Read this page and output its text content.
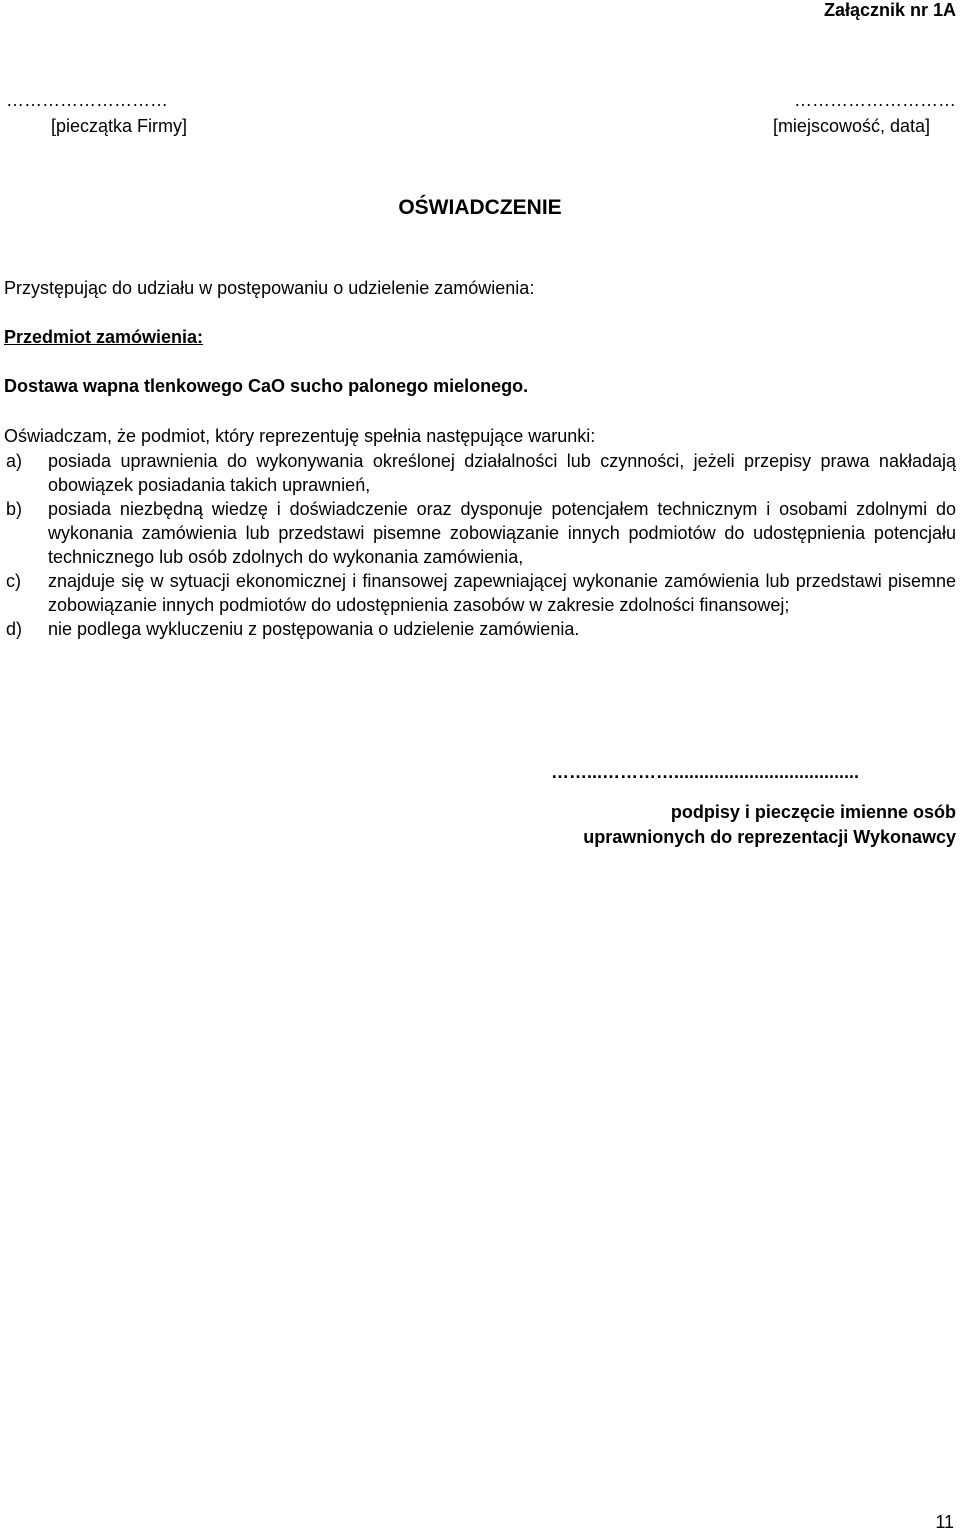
Załącznik nr 1A
………………………
[pieczątka Firmy]
………………………
[miejscowość, data]
OŚWIADCZENIE
Przystępując do udziału w postępowaniu o udzielenie zamówienia:
Przedmiot zamówienia:
Dostawa wapna tlenkowego CaO sucho palonego mielonego.
Oświadczam, że podmiot, który reprezentuję spełnia następujące warunki:
a) posiada uprawnienia do wykonywania określonej działalności lub czynności, jeżeli przepisy prawa nakładają obowiązek posiadania takich uprawnień,
b) posiada niezbędną wiedzę i doświadczenie oraz dysponuje potencjałem technicznym i osobami zdolnymi do wykonania zamówienia lub przedstawi pisemne zobowiązanie innych podmiotów do udostępnienia potencjału technicznego lub osób zdolnych do wykonania zamówienia,
c) znajduje się w sytuacji ekonomicznej i finansowej zapewniającej wykonanie zamówienia lub przedstawi pisemne zobowiązanie innych podmiotów do udostępnienia zasobów w zakresie zdolności finansowej;
d) nie podlega wykluczeniu z postępowania o udzielenie zamówienia.
……...………….....................................
podpisy i pieczęcie imienne osób
uprawnionych do reprezentacji Wykonawcy
11
